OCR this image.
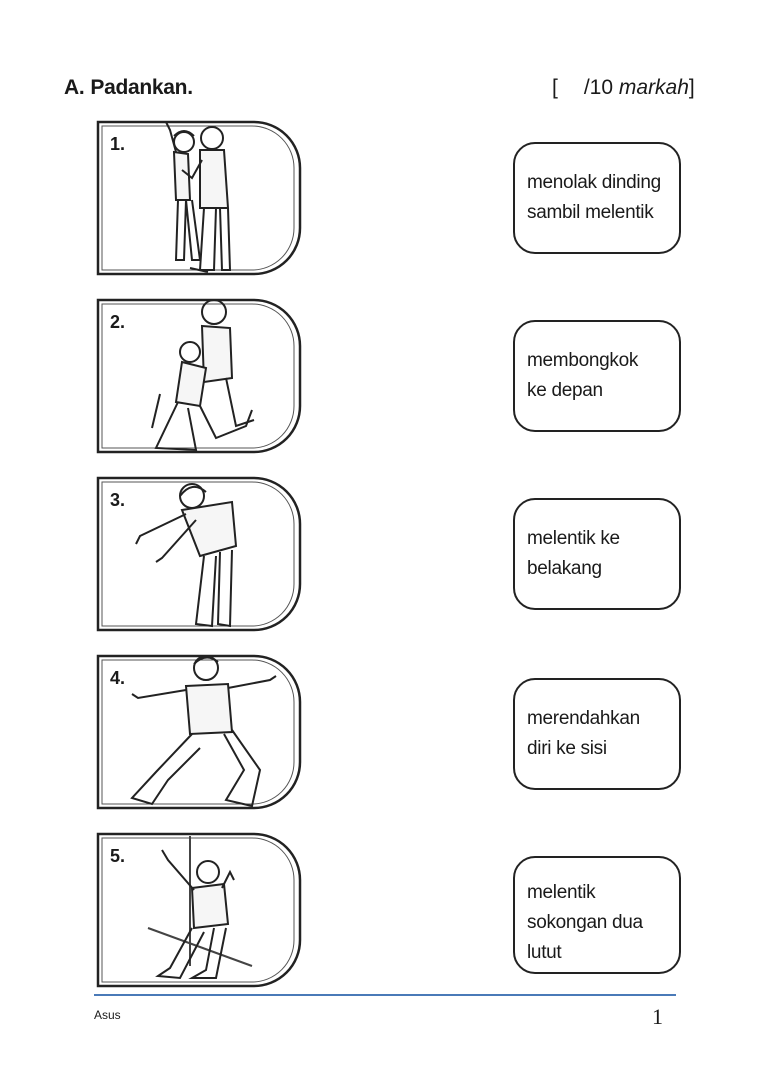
A. Padankan.	[ /10 markah]
1.
2.
3.
4.
5.
menolak dinding
sambil melentik
membongkok
ke depan
melentik ke
belakang
merendahkan
diri ke sisi
melentik
sokongan dua
lutut
Asus	1
